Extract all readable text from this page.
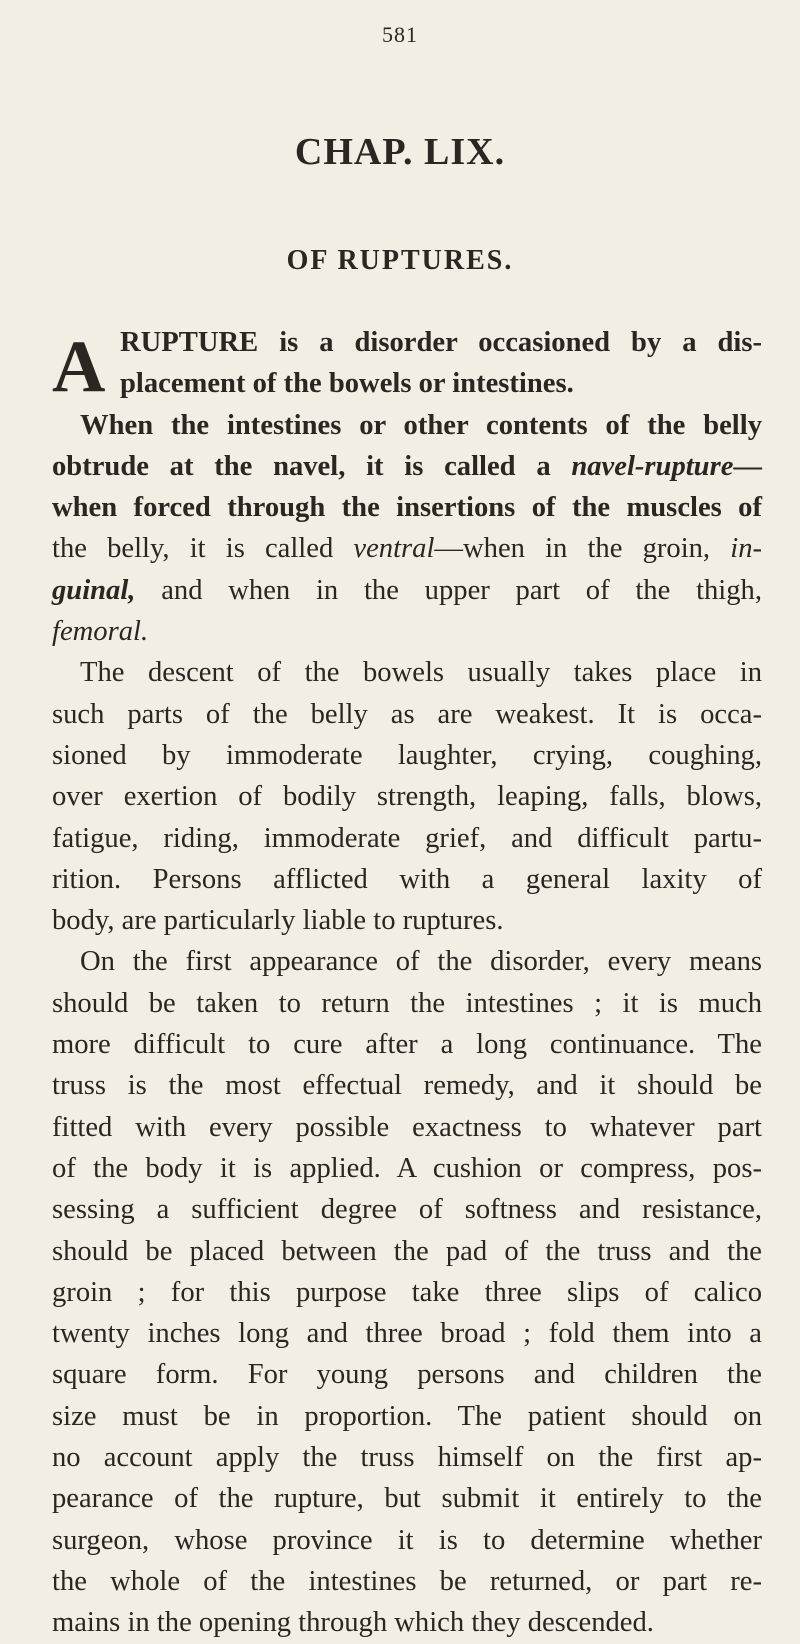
581
CHAP. LIX.
OF RUPTURES.
A RUPTURE is a disorder occasioned by a dis-
placement of the bowels or intestines.
When the intestines or other contents of the belly
obtrude at the navel, it is called a navel-rupture—
when forced through the insertions of the muscles of
the belly, it is called ventral—when in the groin, in-
guinal, and when in the upper part of the thigh,
femoral.
The descent of the bowels usually takes place in
such parts of the belly as are weakest. It is occa-
sioned by immoderate laughter, crying, coughing,
over exertion of bodily strength, leaping, falls, blows,
fatigue, riding, immoderate grief, and difficult partu-
rition. Persons afflicted with a general laxity of
body, are particularly liable to ruptures.
On the first appearance of the disorder, every means
should be taken to return the intestines ; it is much
more difficult to cure after a long continuance. The
truss is the most effectual remedy, and it should be
fitted with every possible exactness to whatever part
of the body it is applied. A cushion or compress, pos-
sessing a sufficient degree of softness and resistance,
should be placed between the pad of the truss and the
groin ; for this purpose take three slips of calico
twenty inches long and three broad ; fold them into a
square form. For young persons and children the
size must be in proportion. The patient should on
no account apply the truss himself on the first ap-
pearance of the rupture, but submit it entirely to the
surgeon, whose province it is to determine whether
the whole of the intestines be returned, or part re-
mains in the opening through which they descended.
